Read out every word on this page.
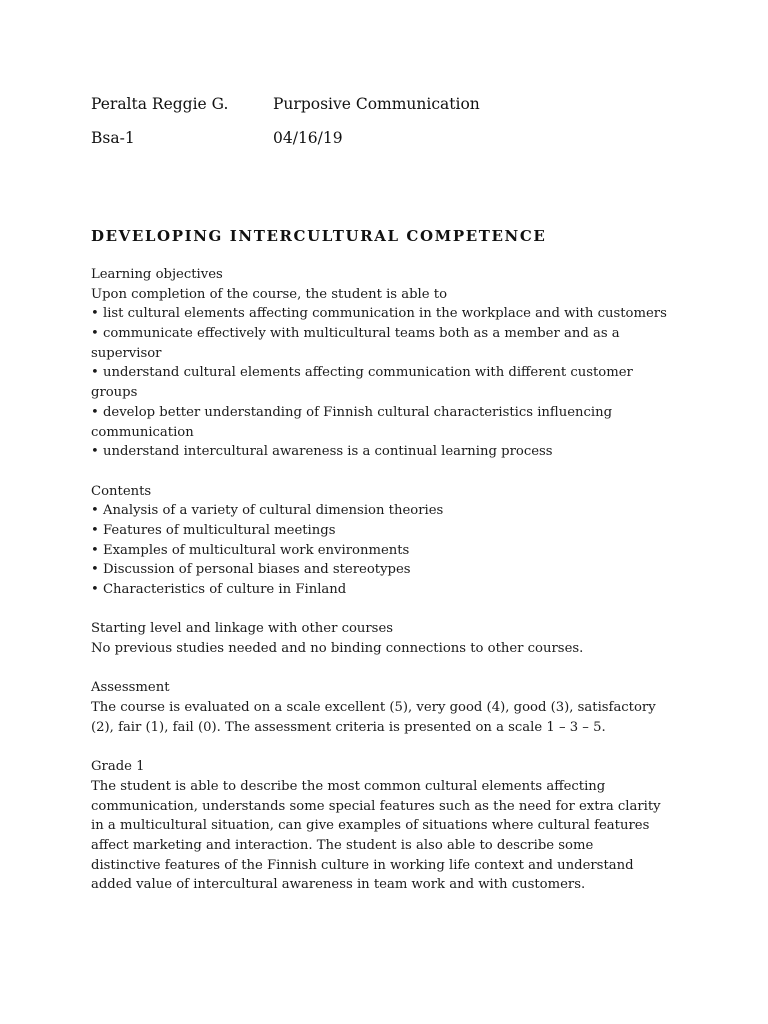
Peralta Reggie G.	Purposive Communication
Bsa-1	04/16/19
DEVELOPING INTERCULTURAL COMPETENCE
Learning objectives
Upon completion of the course, the student is able to
• list cultural elements affecting communication in the workplace and with customers
• communicate effectively with multicultural teams both as a member and as a
supervisor
• understand cultural elements affecting communication with different customer
groups
• develop better understanding of Finnish cultural characteristics influencing
communication
• understand intercultural awareness is a continual learning process
Contents
• Analysis of a variety of cultural dimension theories
• Features of multicultural meetings
• Examples of multicultural work environments
• Discussion of personal biases and stereotypes
• Characteristics of culture in Finland
Starting level and linkage with other courses
No previous studies needed and no binding connections to other courses.
Assessment
The course is evaluated on a scale excellent (5), very good (4), good (3), satisfactory
(2), fair (1), fail (0). The assessment criteria is presented on a scale 1 – 3 – 5.
Grade 1
The student is able to describe the most common cultural elements affecting
communication, understands some special features such as the need for extra clarity
in a multicultural situation, can give examples of situations where cultural features
affect marketing and interaction. The student is also able to describe some
distinctive features of the Finnish culture in working life context and understand
added value of intercultural awareness in team work and with customers.
